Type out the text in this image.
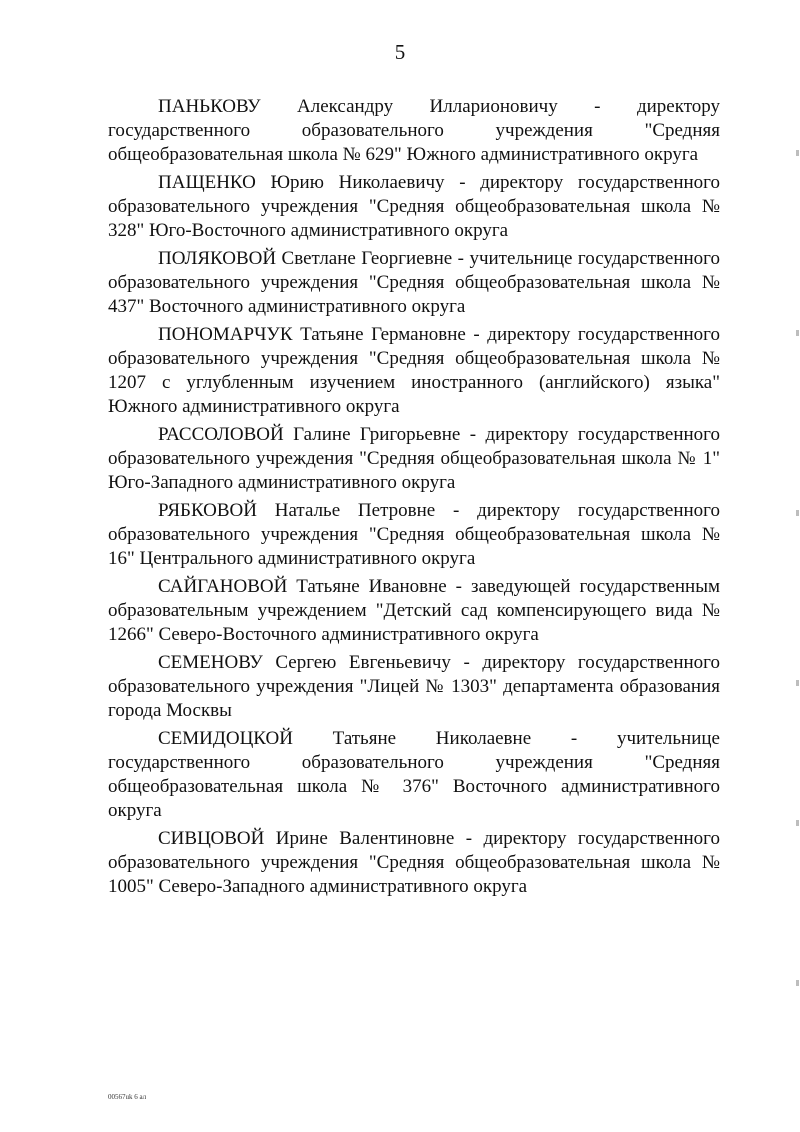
5

ПАНЬКОВУ Александру Илларионовичу - директору государственного образовательного учреждения "Средняя общеобразовательная школа № 629" Южного административного округа

ПАЩЕНКО Юрию Николаевичу - директору государственного образовательного учреждения "Средняя общеобразовательная школа № 328" Юго-Восточного административного округа

ПОЛЯКОВОЙ Светлане Георгиевне - учительнице государственного образовательного учреждения "Средняя общеобразовательная школа № 437" Восточного административного округа

ПОНОМАРЧУК Татьяне Германовне - директору государственного образовательного учреждения "Средняя общеобразовательная школа № 1207 с углубленным изучением иностранного (английского) языка" Южного административного округа

РАССОЛОВОЙ Галине Григорьевне - директору государственного образовательного учреждения "Средняя общеобразовательная школа № 1" Юго-Западного административного округа

РЯБКОВОЙ Наталье Петровне - директору государственного образовательного учреждения "Средняя общеобразовательная школа № 16" Центрального административного округа

САЙГАНОВОЙ Татьяне Ивановне - заведующей государственным образовательным учреждением "Детский сад компенсирующего вида № 1266" Северо-Восточного административного округа

СЕМЕНОВУ Сергею Евгеньевичу - директору государственного образовательного учреждения "Лицей № 1303" департамента образования города Москвы

СЕМИДОЦКОЙ Татьяне Николаевне - учительнице государственного образовательного учреждения "Средняя общеобразовательная школа № 376" Восточного административного округа

СИВЦОВОЙ Ирине Валентиновне - директору государственного образовательного учреждения "Средняя общеобразовательная школа № 1005" Северо-Западного административного округа

00567uk 6 ал
